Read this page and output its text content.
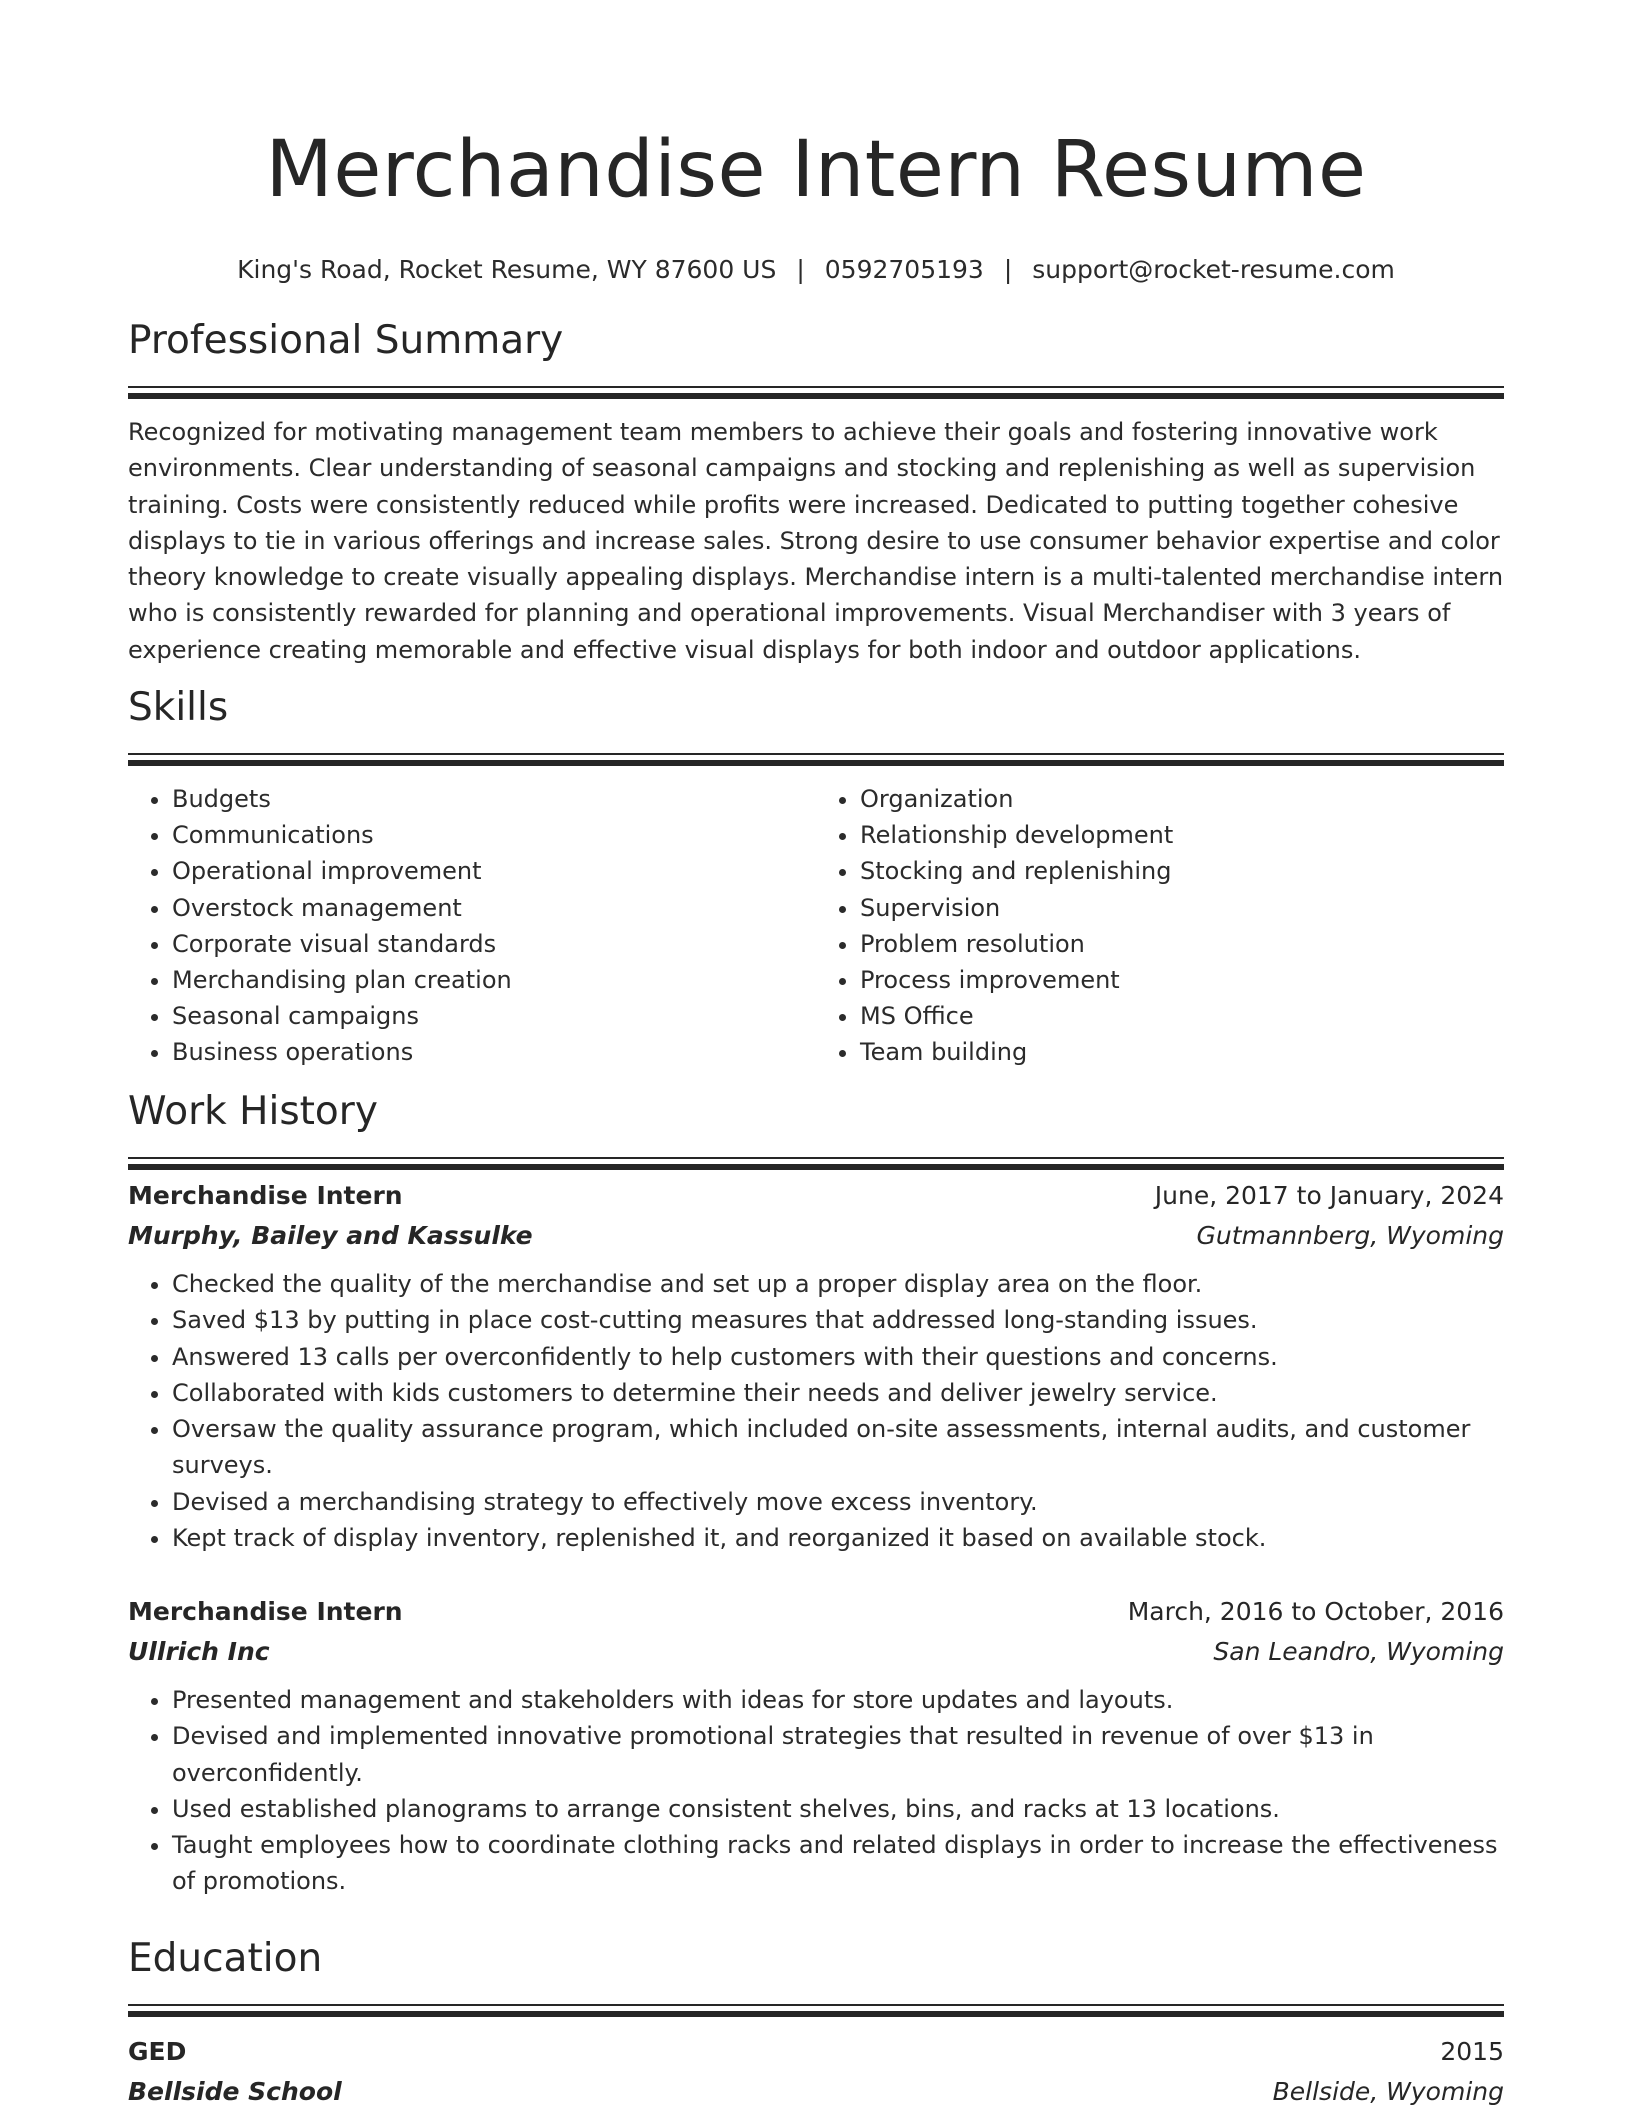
Merchandise Intern Resume
King's Road, Rocket Resume, WY 87600 US | 0592705193 | support@rocket-resume.com
Professional Summary

Recognized for motivating management team members to achieve their goals and fostering innovative work environments. Clear understanding of seasonal campaigns and stocking and replenishing as well as supervision training. Costs were consistently reduced while profits were increased. Dedicated to putting together cohesive displays to tie in various offerings and increase sales. Strong desire to use consumer behavior expertise and color theory knowledge to create visually appealing displays. Merchandise intern is a multi-talented merchandise intern who is consistently rewarded for planning and operational improvements. Visual Merchandiser with 3 years of experience creating memorable and effective visual displays for both indoor and outdoor applications.

Skills
• Budgets
• Communications
• Operational improvement
• Overstock management
• Corporate visual standards
• Merchandising plan creation
• Seasonal campaigns
• Business operations
• Organization
• Relationship development
• Stocking and replenishing
• Supervision
• Problem resolution
• Process improvement
• MS Office
• Team building
Work History
Merchandise Intern	June, 2017 to January, 2024
Murphy, Bailey and Kassulke	Gutmannberg, Wyoming
• Checked the quality of the merchandise and set up a proper display area on the floor.
• Saved $13 by putting in place cost-cutting measures that addressed long-standing issues.
• Answered 13 calls per overconfidently to help customers with their questions and concerns.
• Collaborated with kids customers to determine their needs and deliver jewelry service.
• Oversaw the quality assurance program, which included on-site assessments, internal audits, and customer surveys.
• Devised a merchandising strategy to effectively move excess inventory.
• Kept track of display inventory, replenished it, and reorganized it based on available stock.
Merchandise Intern	March, 2016 to October, 2016
Ullrich Inc	San Leandro, Wyoming
• Presented management and stakeholders with ideas for store updates and layouts.
• Devised and implemented innovative promotional strategies that resulted in revenue of over $13 in overconfidently.
• Used established planograms to arrange consistent shelves, bins, and racks at 13 locations.
• Taught employees how to coordinate clothing racks and related displays in order to increase the effectiveness of promotions.
Education
GED	2015
Bellside School	Bellside, Wyoming
